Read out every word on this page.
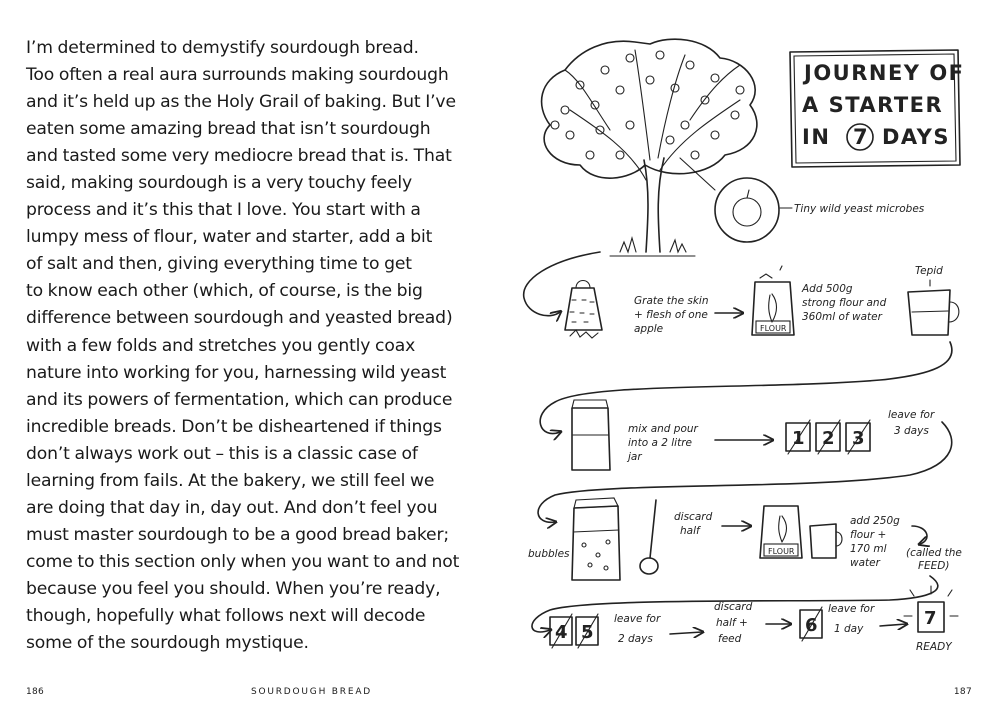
I’m determined to demystify sourdough bread.
Too often a real aura surrounds making sourdough
and it’s held up as the Holy Grail of baking. But I’ve
eaten some amazing bread that isn’t sourdough
and tasted some very mediocre bread that is. That
said, making sourdough is a very touchy feely
process and it’s this that I love. You start with a
lumpy mess of flour, water and starter, add a bit
of salt and then, giving everything time to get
to know each other (which, of course, is the big
difference between sourdough and yeasted bread)
with a few folds and stretches you gently coax
nature into working for you, harnessing wild yeast
and its powers of fermentation, which can produce
incredible breads. Don’t be disheartened if things
don’t always work out – this is a classic case of
learning from fails. At the bakery, we still feel we
are doing that day in, day out. And don’t feel you
must master sourdough to be a good bread baker;
come to this section only when you want to and not
because you feel you should. When you’re ready,
though, hopefully what follows next will decode
some of the sourdough mystique.
186	SOURDOUGH BREAD	187
JOURNEY OF
A STARTER
IN 7 DAYS
Tiny wild yeast microbes
Grate the skin
+ flesh of one
apple	FLOUR
Add 500g
strong flour and
360ml of water
Tepid
mix and pour
into a 2 litre
jar
1 2 3
leave for
3 days
bubbles
discard
half
FLOUR
add 250g
flour +
170 ml
water
(called the
FEED)
4 5
leave for
2 days
discard
half +
feed
6
leave for
1 day	7
READY
